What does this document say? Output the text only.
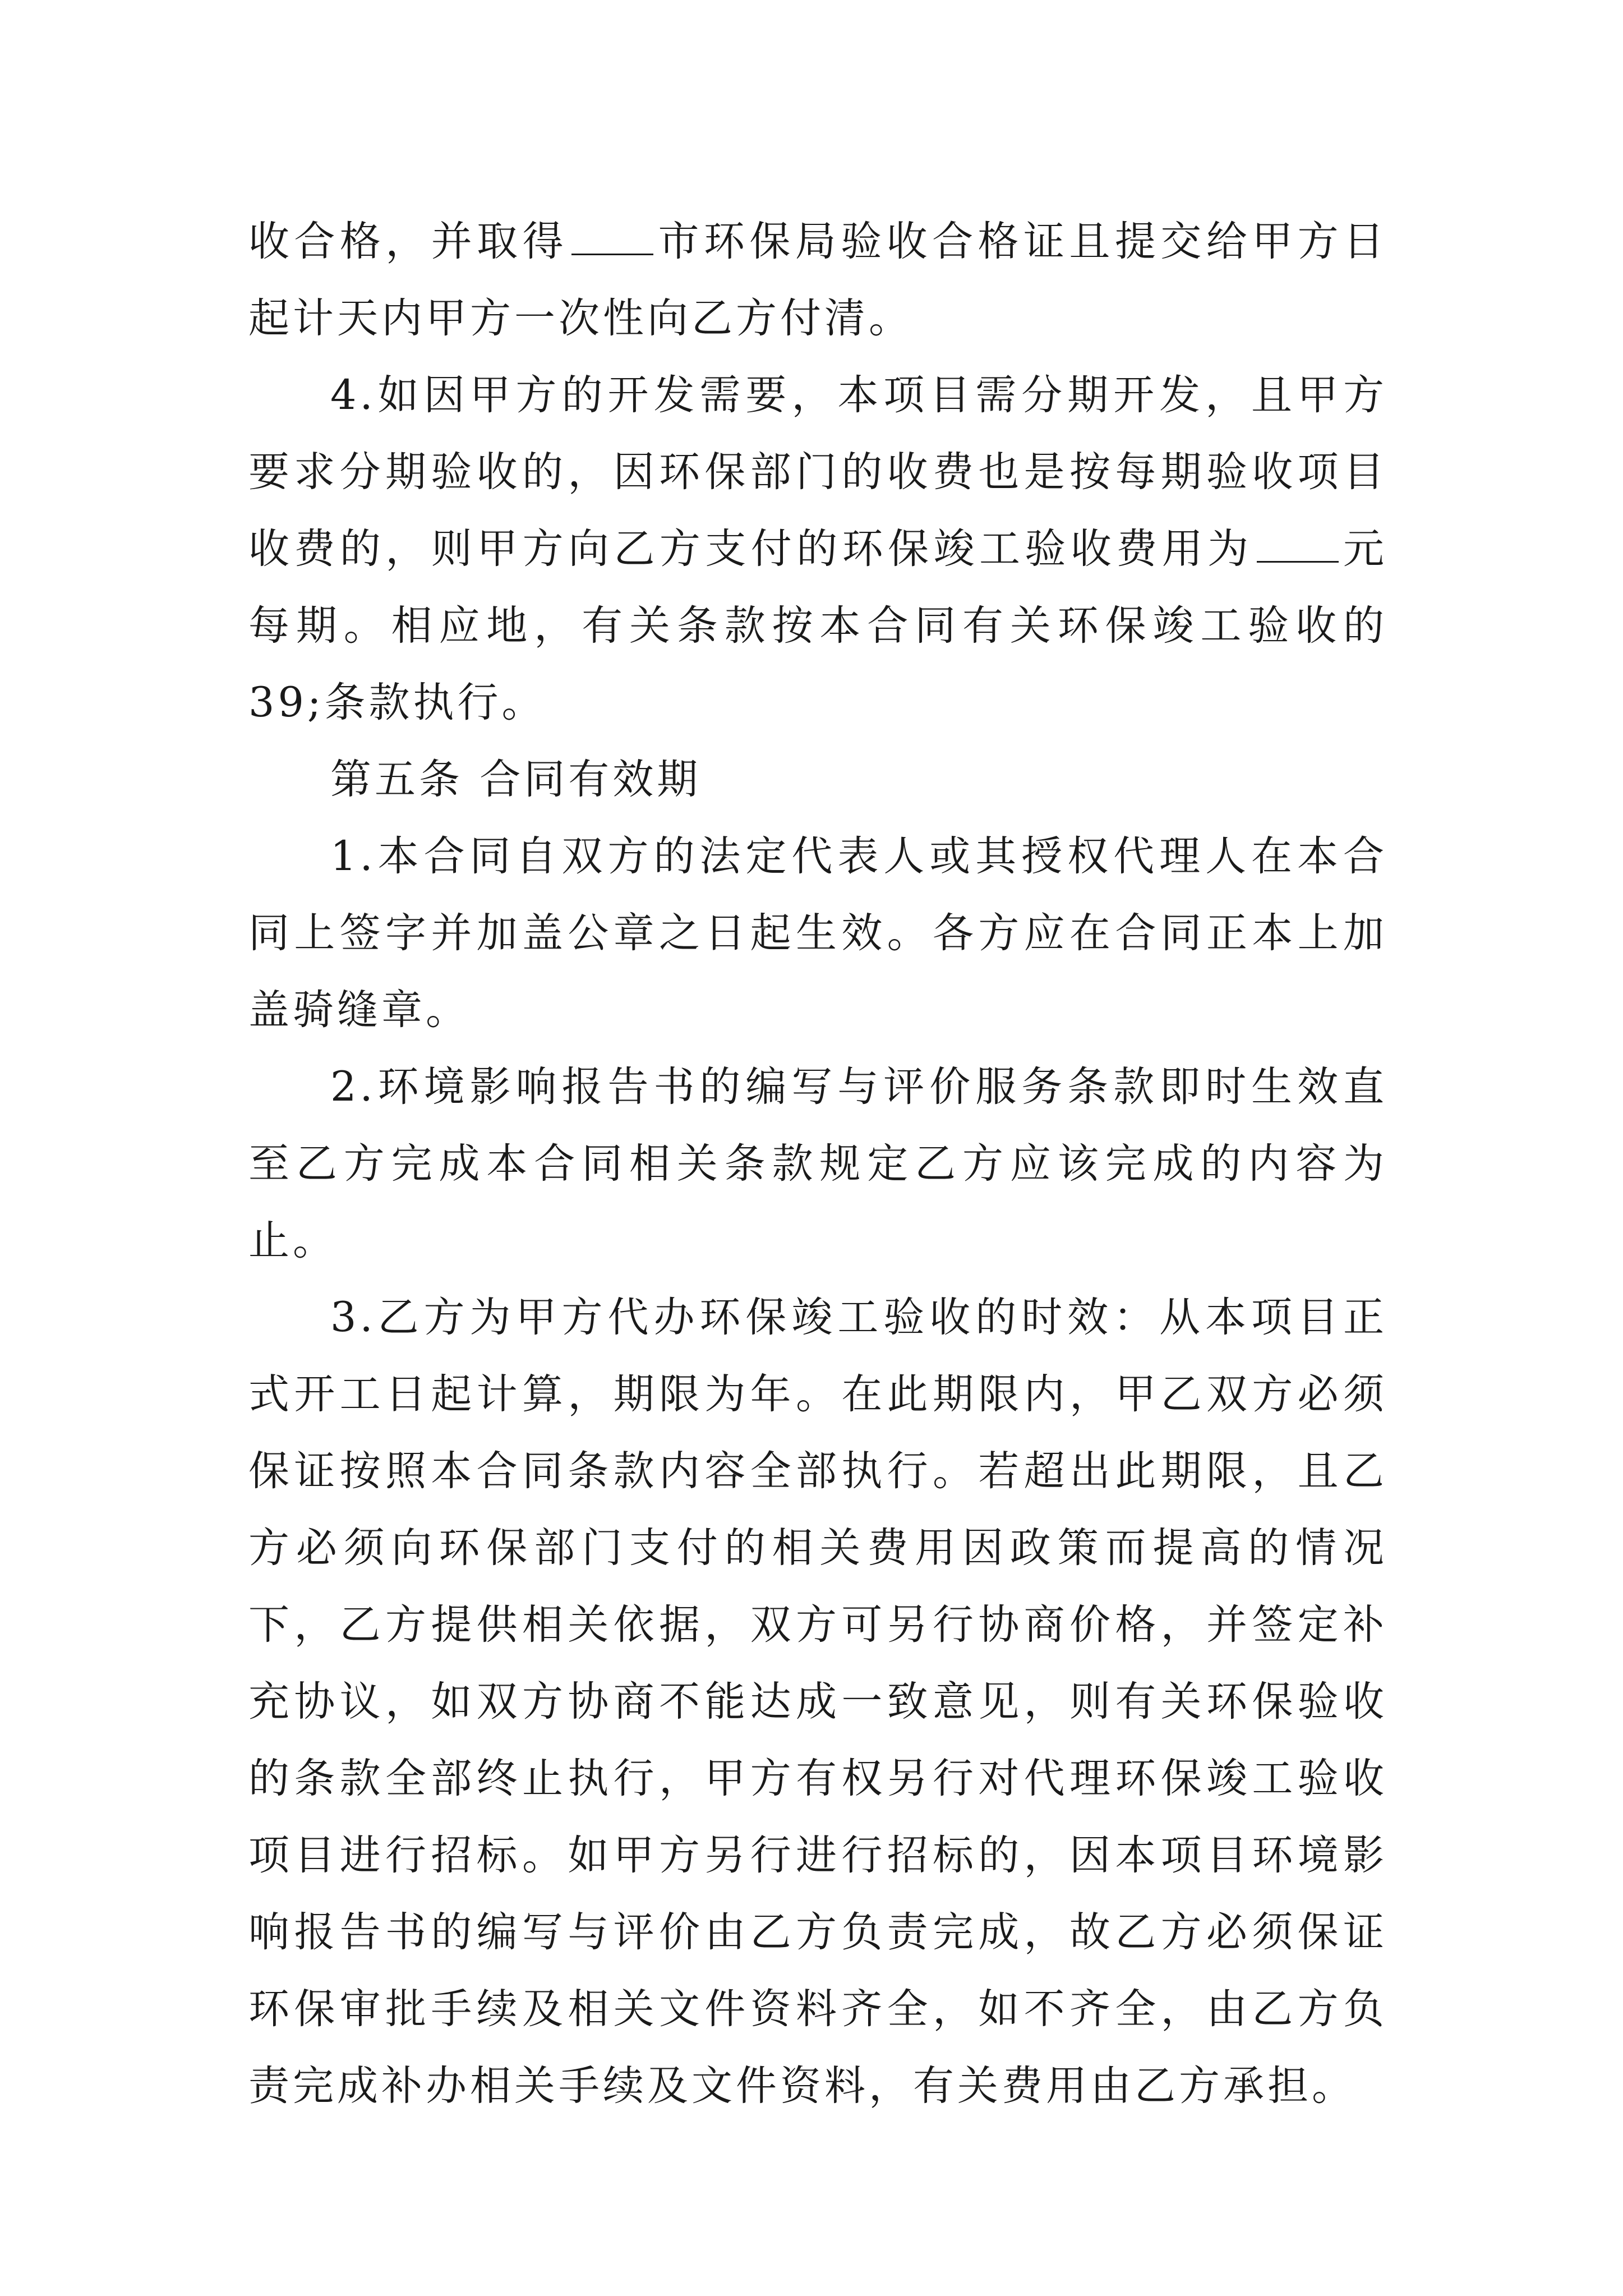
收合格，并取得 市环保局验收合格证且提交给甲方日起计天内甲方一次性向乙方付清。

4.如因甲方的开发需要，本项目需分期开发，且甲方要求分期验收的，因环保部门的收费也是按每期验收项目收费的，则甲方向乙方支付的环保竣工验收费用为 元每期。相应地，有关条款按本合同有关环保竣工验收的39;条款执行。

第五条 合同有效期

1.本合同自双方的法定代表人或其授权代理人在本合同上签字并加盖公章之日起生效。各方应在合同正本上加盖骑缝章。

2.环境影响报告书的编写与评价服务条款即时生效直至乙方完成本合同相关条款规定乙方应该完成的内容为止。

3.乙方为甲方代办环保竣工验收的时效：从本项目正式开工日起计算，期限为年。在此期限内，甲乙双方必须保证按照本合同条款内容全部执行。若超出此期限，且乙方必须向环保部门支付的相关费用因政策而提高的情况下，乙方提供相关依据，双方可另行协商价格，并签定补充协议，如双方协商不能达成一致意见，则有关环保验收的条款全部终止执行，甲方有权另行对代理环保竣工验收项目进行招标。如甲方另行进行招标的，因本项目环境影响报告书的编写与评价由乙方负责完成，故乙方必须保证环保审批手续及相关文件资料齐全，如不齐全，由乙方负责完成补办相关手续及文件资料，有关费用由乙方承担。
